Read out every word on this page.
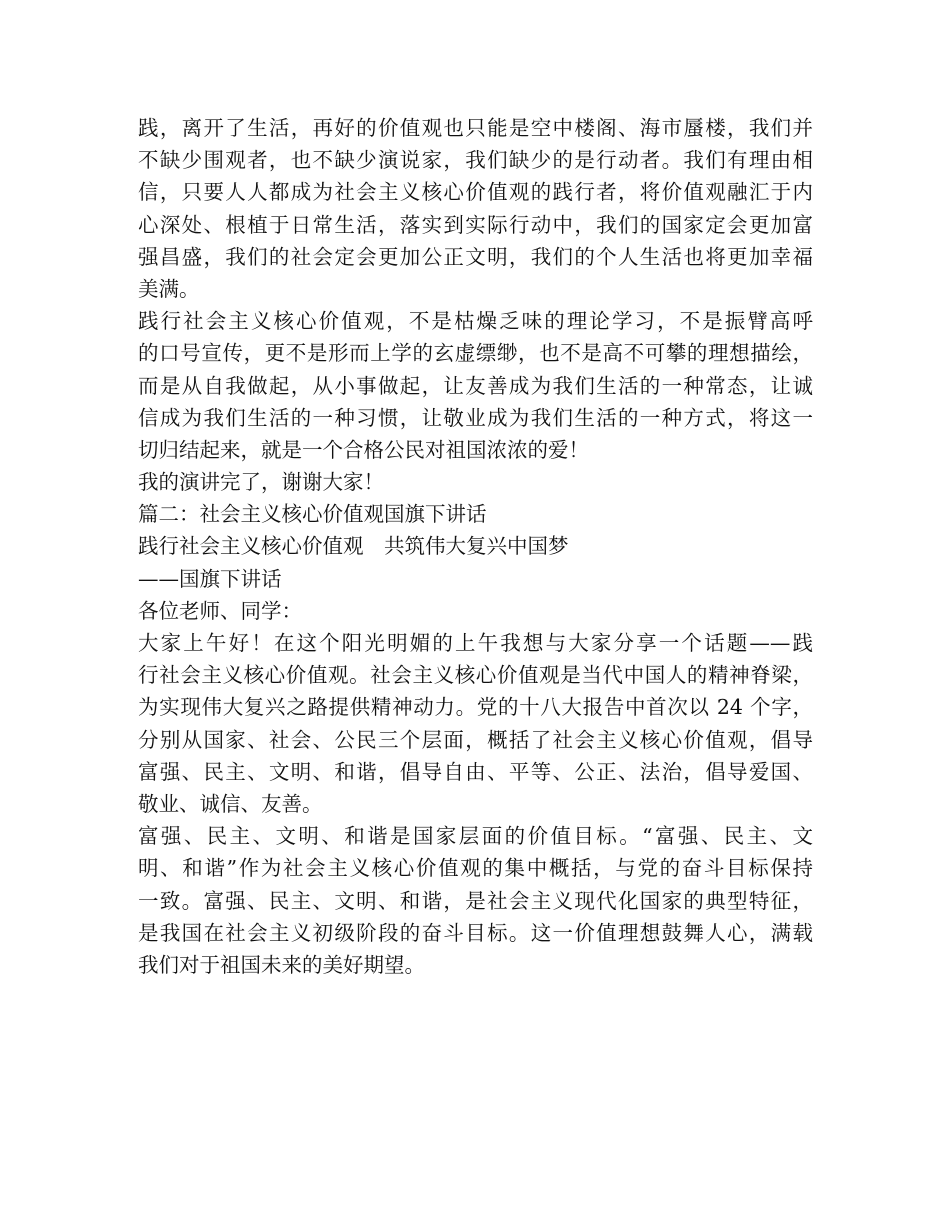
践，离开了生活，再好的价值观也只能是空中楼阁、海市蜃楼，我们并
不缺少围观者，也不缺少演说家，我们缺少的是行动者。我们有理由相
信，只要人人都成为社会主义核心价值观的践行者，将价值观融汇于内
心深处、根植于日常生活，落实到实际行动中，我们的国家定会更加富
强昌盛，我们的社会定会更加公正文明，我们的个人生活也将更加幸福
美满。
践行社会主义核心价值观，不是枯燥乏味的理论学习，不是振臂高呼
的口号宣传，更不是形而上学的玄虚缥缈，也不是高不可攀的理想描绘，
而是从自我做起，从小事做起，让友善成为我们生活的一种常态，让诚
信成为我们生活的一种习惯，让敬业成为我们生活的一种方式，将这一
切归结起来，就是一个合格公民对祖国浓浓的爱！
我的演讲完了，谢谢大家！
篇二：社会主义核心价值观国旗下讲话
践行社会主义核心价值观　共筑伟大复兴中国梦
——国旗下讲话
各位老师、同学：
大家上午好！在这个阳光明媚的上午我想与大家分享一个话题——践
行社会主义核心价值观。社会主义核心价值观是当代中国人的精神脊梁，
为实现伟大复兴之路提供精神动力。党的十八大报告中首次以 24 个字，
分别从国家、社会、公民三个层面，概括了社会主义核心价值观，倡导
富强、民主、文明、和谐，倡导自由、平等、公正、法治，倡导爱国、
敬业、诚信、友善。
富强、民主、文明、和谐是国家层面的价值目标。“富强、民主、文
明、和谐”作为社会主义核心价值观的集中概括，与党的奋斗目标保持
一致。富强、民主、文明、和谐，是社会主义现代化国家的典型特征，
是我国在社会主义初级阶段的奋斗目标。这一价值理想鼓舞人心，满载
我们对于祖国未来的美好期望。
